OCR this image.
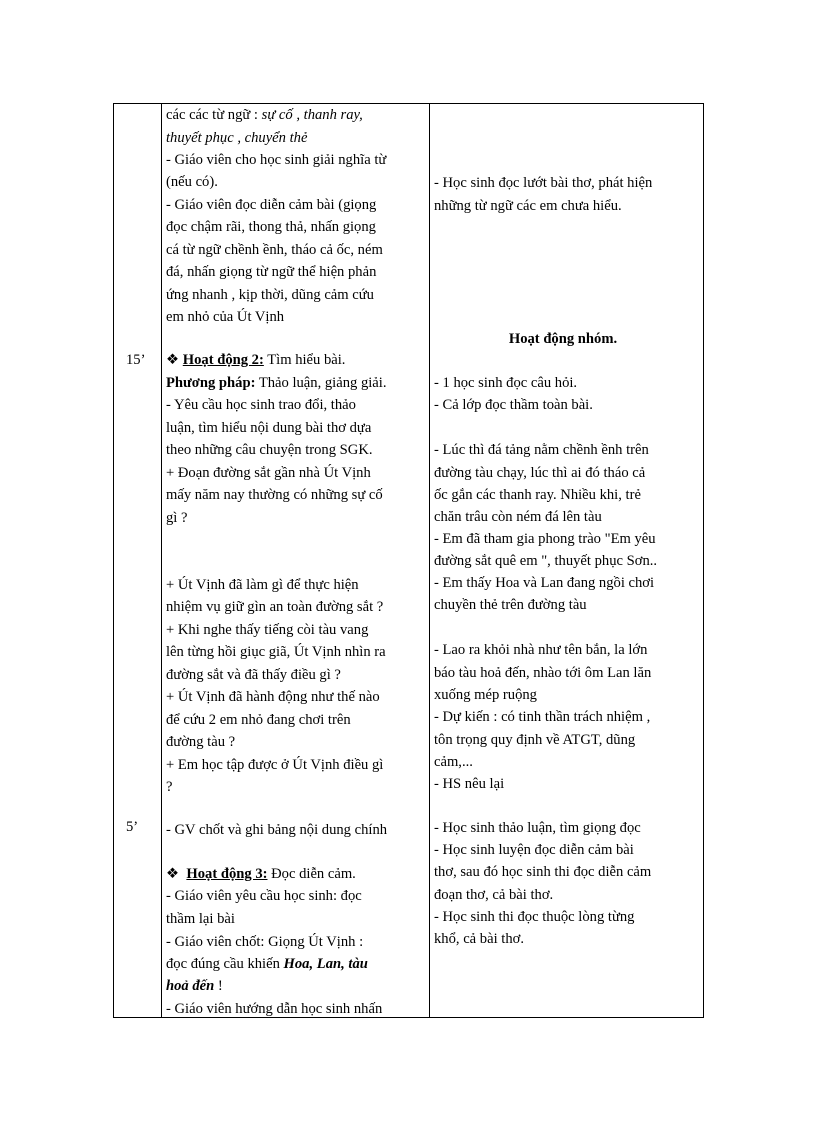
15’
5’
các các từ ngữ : sự cố , thanh ray,
thuyết phục , chuyển thẻ
- Giáo viên cho học sinh giải nghĩa từ
(nếu có).
- Giáo viên đọc diễn cảm bài (giọng
đọc chậm rãi, thong thả, nhấn giọng
cá từ ngữ chềnh ềnh, tháo cả ốc, ném
đá, nhấn giọng từ ngữ thể hiện phản
ứng nhanh , kịp thời, dũng cảm cứu
em nhỏ của Út Vịnh
❖ Hoạt động 2: Tìm hiểu bài.
Phương pháp: Thảo luận, giảng giải.
- Yêu cầu học sinh trao đổi, thảo
luận, tìm hiểu nội dung bài thơ dựa
theo những câu chuyện trong SGK.
+ Đoạn đường sắt gần nhà Út Vịnh
mấy năm nay thường có những sự cố
gì ?
+ Út Vịnh đã làm gì để thực hiện
nhiệm vụ giữ gìn an toàn đường sắt ?
+ Khi nghe thấy tiếng còi tàu vang
lên từng hồi giục giã, Út Vịnh nhìn ra
đường sắt và đã thấy điều gì ?
+ Út Vịnh đã hành động như thế nào
để cứu 2 em nhỏ đang chơi trên
đường tàu ?
+ Em học tập được ở Út Vịnh điều gì
?
- GV chốt và ghi bảng nội dung chính
❖ Hoạt động 3: Đọc diễn cảm.
- Giáo viên yêu cầu học sinh: đọc
thầm lại bài
- Giáo viên chốt: Giọng Út Vịnh :
đọc đúng cầu khiến Hoa, Lan, tàu
hoả đến !
- Giáo viên hướng dẫn học sinh nhấn
- Học sinh đọc lướt bài thơ, phát hiện
những từ ngữ các em chưa hiểu.
Hoạt động nhóm.
- 1 học sinh đọc câu hỏi.
- Cả lớp đọc thầm toàn bài.
- Lúc thì đá tảng nằm chềnh ềnh trên
đường tàu chạy, lúc thì ai đó tháo cả
ốc gắn các thanh ray. Nhiều khi, trẻ
chăn trâu còn ném đá lên tàu
- Em đã tham gia phong trào "Em yêu
đường sắt quê em ", thuyết phục Sơn..
- Em thấy Hoa và Lan đang ngồi chơi
chuyền thẻ trên đường tàu
- Lao ra khỏi nhà như tên bắn, la lớn
báo tàu hoả đến, nhào tới ôm Lan lăn
xuống mép ruộng
- Dự kiến : có tinh thần trách nhiệm ,
tôn trọng quy định về ATGT, dũng
cảm,...
- HS nêu lại
- Học sinh thảo luận, tìm giọng đọc
- Học sinh luyện đọc diễn cảm bài
thơ, sau đó học sinh thi đọc diễn cảm
đoạn thơ, cả bài thơ.
- Học sinh thi đọc thuộc lòng từng
khổ, cả bài thơ.
